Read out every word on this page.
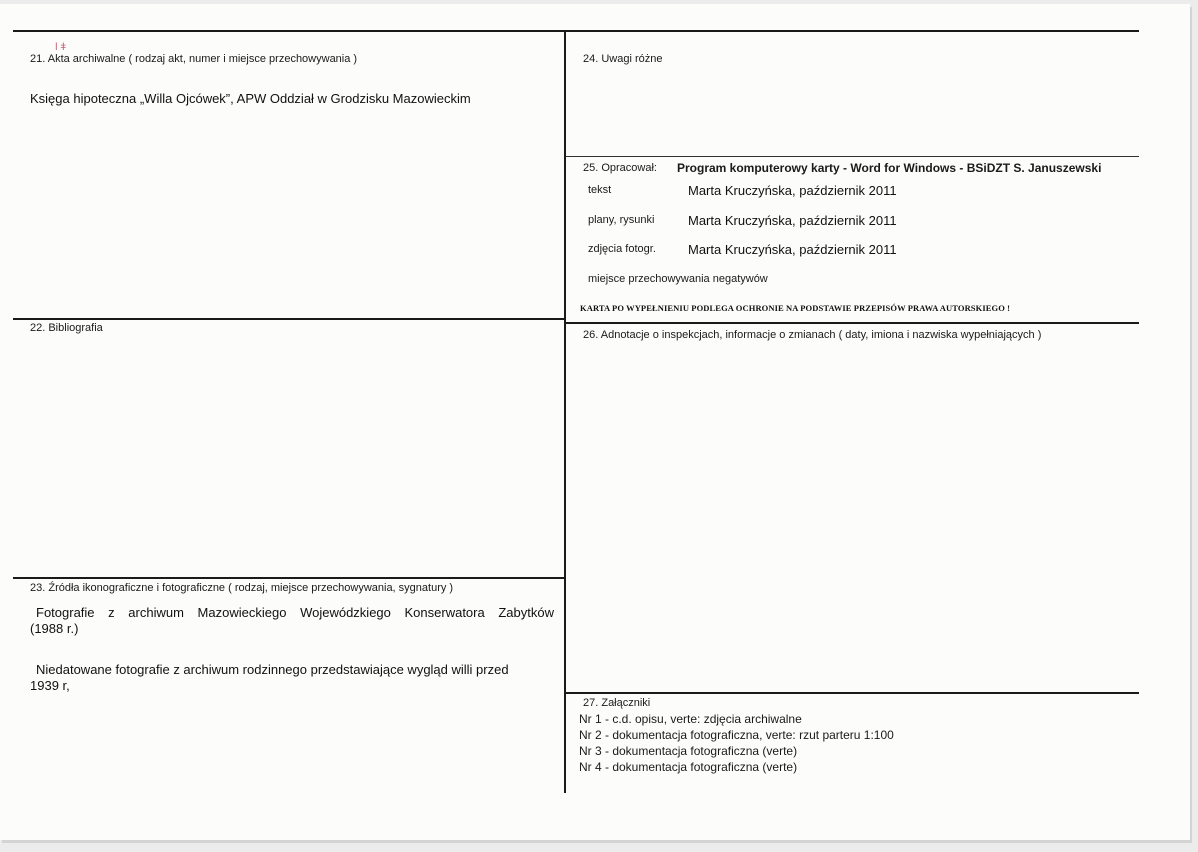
ǀ ǂ
21. Akta archiwalne ( rodzaj akt, numer i miejsce przechowywania )
Księga hipoteczna „Willa Ojcówek”, APW Oddział w Grodzisku Mazowieckim
22. Bibliografia
23. Źródła ikonograficzne i fotograficzne ( rodzaj, miejsce przechowywania, sygnatury )
Fotografie z archiwum Mazowieckiego Wojewódzkiego Konserwatora Zabytków
(1988 r.)
Niedatowane fotografie z archiwum rodzinnego przedstawiające wygląd willi przed
1939 r,
24. Uwagi różne
25. Opracował: Program komputerowy karty - Word for Windows - BSiDZT S. Januszewski
tekst	Marta Kruczyńska, październik 2011
plany, rysunki	Marta Kruczyńska, październik 2011
zdjęcia fotogr. Marta Kruczyńska, październik 2011
miejsce przechowywania negatywów
KARTA PO WYPEŁNIENIU PODLEGA OCHRONIE NA PODSTAWIE PRZEPISÓW PRAWA AUTORSKIEGO !
26. Adnotacje o inspekcjach, informacje o zmianach ( daty, imiona i nazwiska wypełniających )
27. Załączniki
Nr 1 - c.d. opisu, verte: zdjęcia archiwalne
Nr 2 - dokumentacja fotograficzna, verte: rzut parteru 1:100
Nr 3 - dokumentacja fotograficzna (verte)
Nr 4 - dokumentacja fotograficzna (verte)
